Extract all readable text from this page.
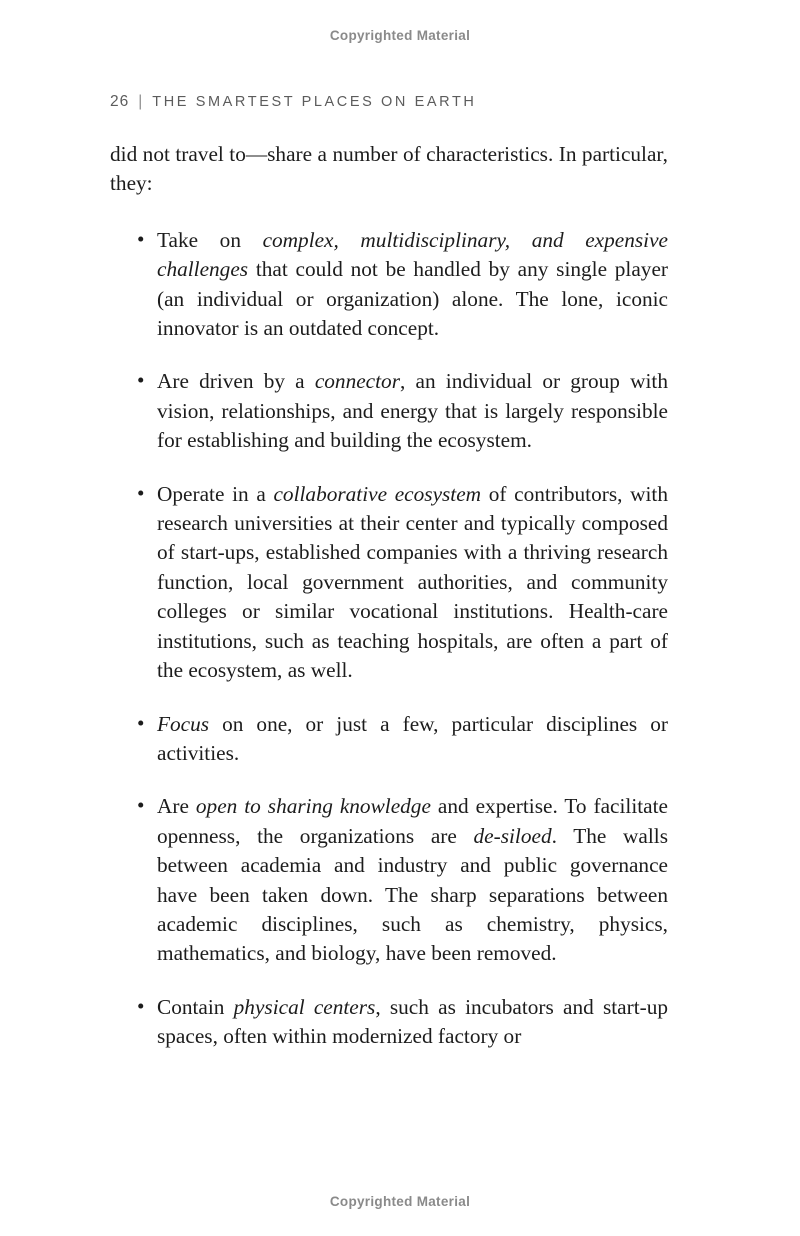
Copyrighted Material
26 | THE SMARTEST PLACES ON EARTH

did not travel to—share a number of characteristics. In particular, they:

• Take on complex, multidisciplinary, and expensive challenges that could not be handled by any single player (an individual or organization) alone. The lone, iconic innovator is an outdated concept.
• Are driven by a connector, an individual or group with vision, relationships, and energy that is largely responsible for establishing and building the ecosystem.
• Operate in a collaborative ecosystem of contributors, with research universities at their center and typically composed of start-ups, established companies with a thriving research function, local government authorities, and community colleges or similar vocational institutions. Health-care institutions, such as teaching hospitals, are often a part of the ecosystem, as well.
• Focus on one, or just a few, particular disciplines or activities.
• Are open to sharing knowledge and expertise. To facilitate openness, the organizations are de-siloed. The walls between academia and industry and public governance have been taken down. The sharp separations between academic disciplines, such as chemistry, physics, mathematics, and biology, have been removed.
• Contain physical centers, such as incubators and start-up spaces, often within modernized factory or
Copyrighted Material
